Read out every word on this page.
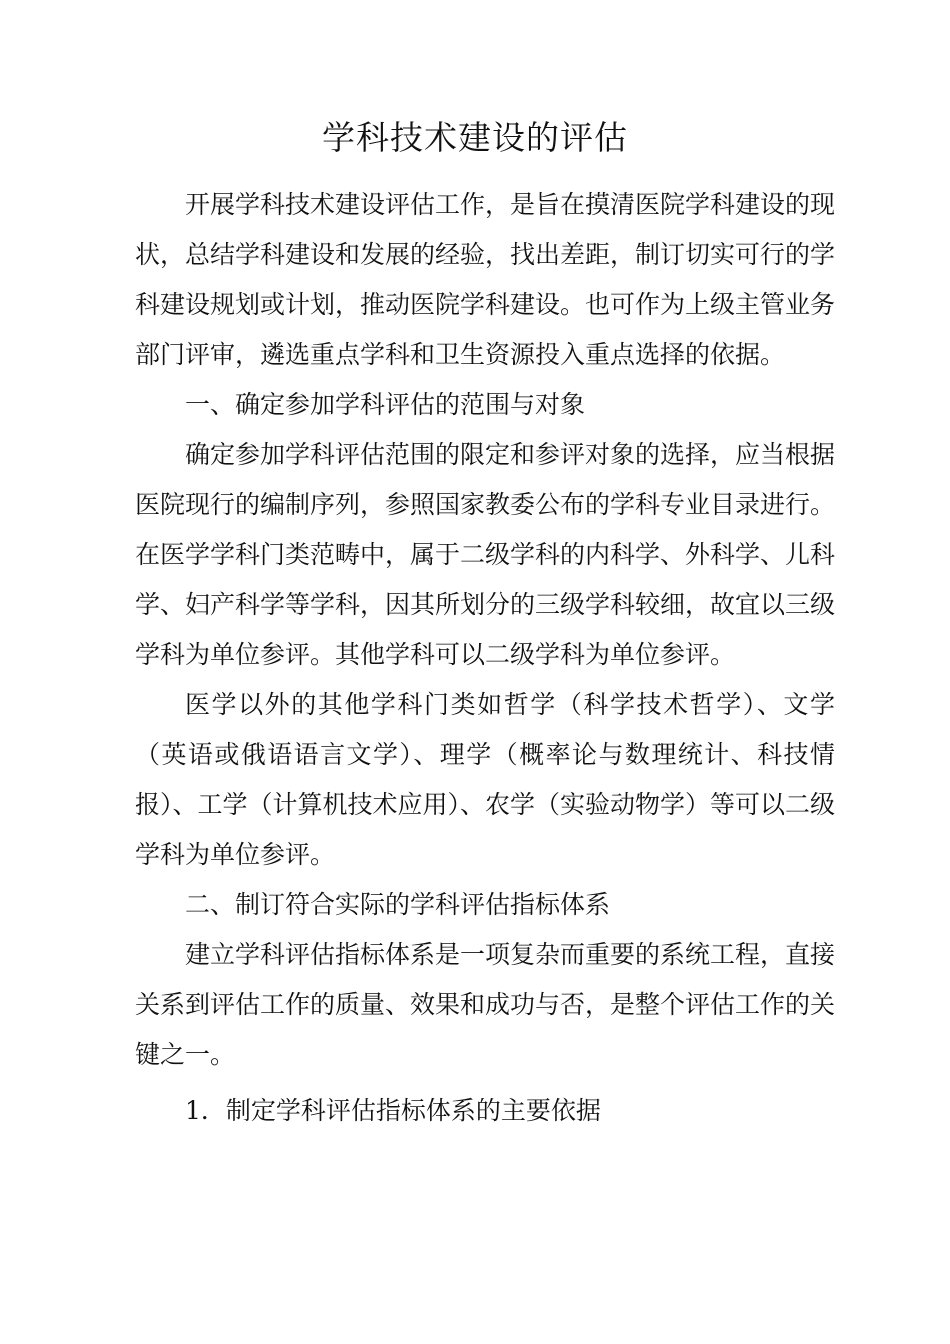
学科技术建设的评估

开展学科技术建设评估工作，是旨在摸清医院学科建设的现状，总结学科建设和发展的经验，找出差距，制订切实可行的学科建设规划或计划，推动医院学科建设。也可作为上级主管业务部门评审，遴选重点学科和卫生资源投入重点选择的依据。

一、确定参加学科评估的范围与对象

确定参加学科评估范围的限定和参评对象的选择，应当根据医院现行的编制序列，参照国家教委公布的学科专业目录进行。在医学学科门类范畴中，属于二级学科的内科学、外科学、儿科学、妇产科学等学科，因其所划分的三级学科较细，故宜以三级学科为单位参评。其他学科可以二级学科为单位参评。

医学以外的其他学科门类如哲学（科学技术哲学）、文学（英语或俄语语言文学）、理学（概率论与数理统计、科技情报）、工学（计算机技术应用）、农学（实验动物学）等可以二级学科为单位参评。

二、制订符合实际的学科评估指标体系

建立学科评估指标体系是一项复杂而重要的系统工程，直接关系到评估工作的质量、效果和成功与否，是整个评估工作的关键之一。

1．制定学科评估指标体系的主要依据
